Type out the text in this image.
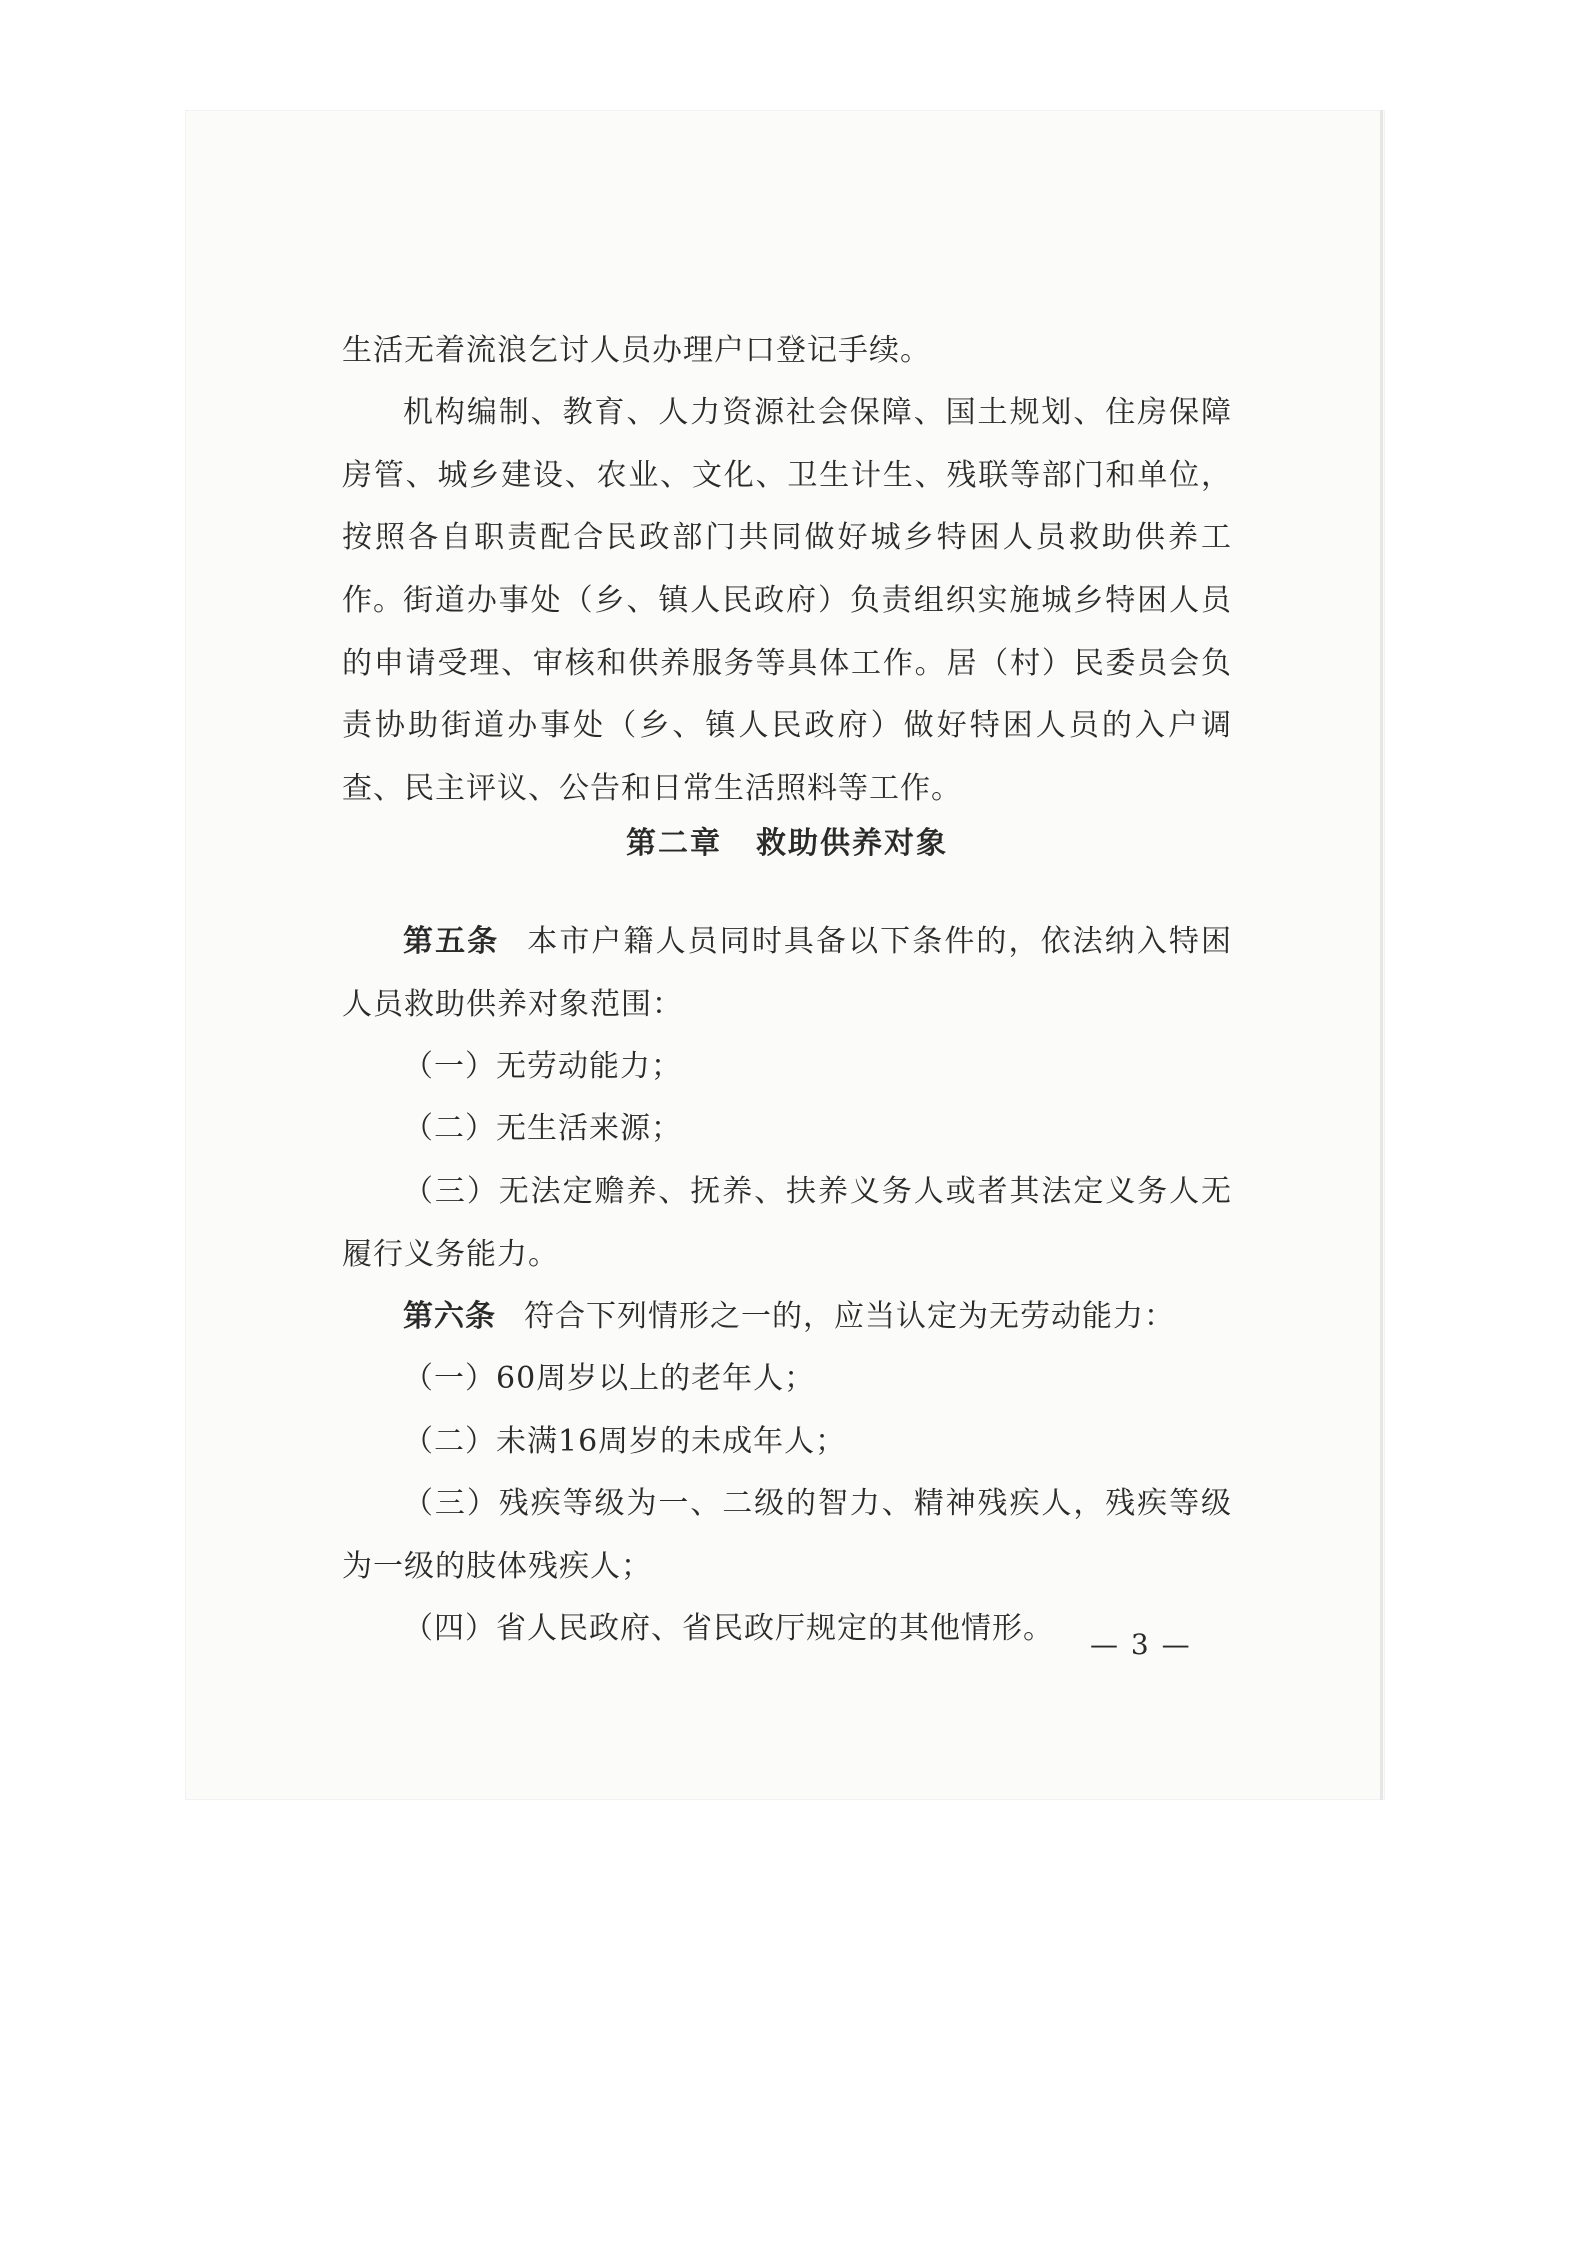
生活无着流浪乞讨人员办理户口登记手续。

机构编制、教育、人力资源社会保障、国土规划、住房保障房管、城乡建设、农业、文化、卫生计生、残联等部门和单位，按照各自职责配合民政部门共同做好城乡特困人员救助供养工作。 街道办事处（乡、镇人民政府）负责组织实施城乡特困人员的申请受理、审核和供养服务等具体工作。居（村）民委员会负责协助街道办事处（乡、镇人民政府）做好特困人员的入户调查、民主评议、公告和日常生活照料等工作。

第二章 救助供养对象

第五条 本市户籍人员同时具备以下条件的，依法纳入特困人员救助供养对象范围：

（一）无劳动能力；

（二）无生活来源；

（三）无法定赡养、抚养、扶养义务人或者其法定义务人无履行义务能力。

第六条 符合下列情形之一的，应当认定为无劳动能力：

（一）60周岁以上的老年人；

（二）未满16周岁的未成年人；

（三）残疾等级为一、二级的智力、精神残疾人，残疾等级为一级的肢体残疾人；

（四）省人民政府、省民政厅规定的其他情形。	— 3 —
